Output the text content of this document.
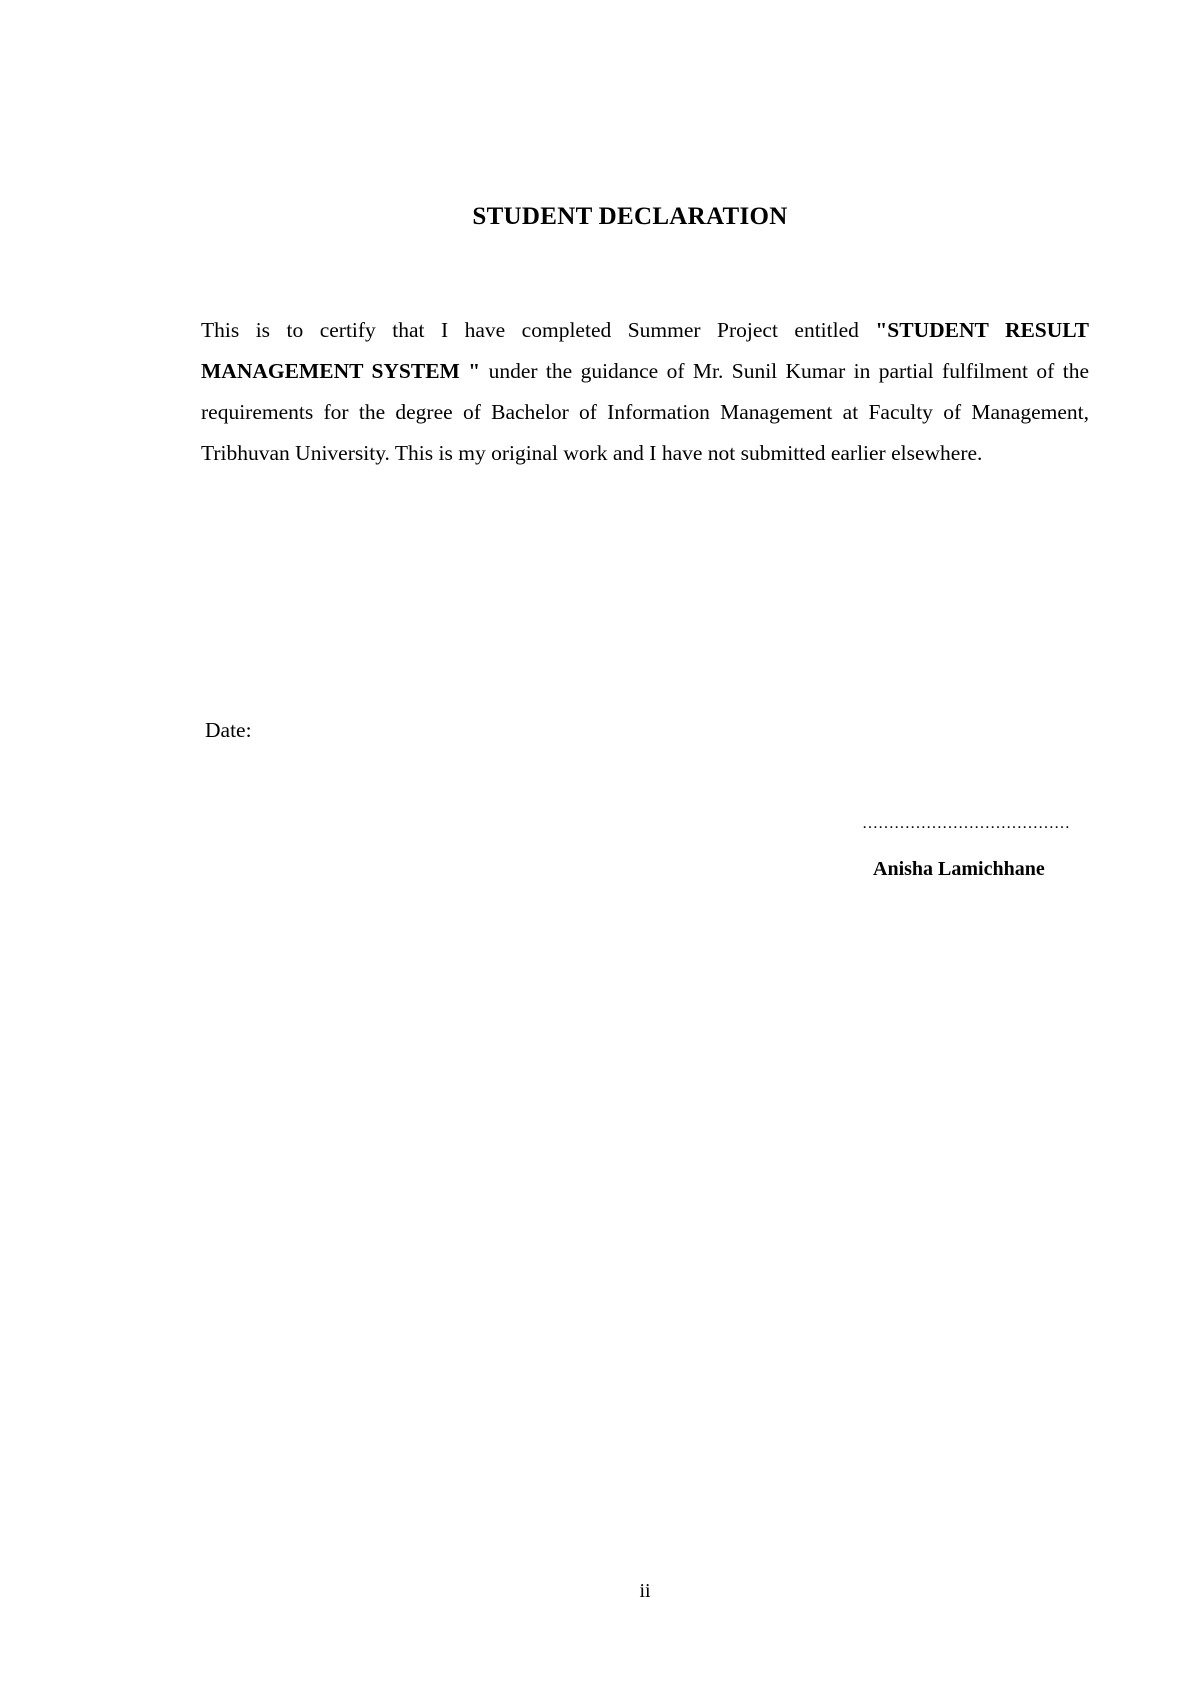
STUDENT DECLARATION
This is to certify that I have completed Summer Project entitled "STUDENT RESULT MANAGEMENT SYSTEM " under the guidance of Mr. Sunil Kumar in partial fulfilment of the requirements for the degree of Bachelor of Information Management at Faculty of Management, Tribhuvan University. This is my original work and I have not submitted earlier elsewhere.
Date:
…………………………………
Anisha Lamichhane
ii
